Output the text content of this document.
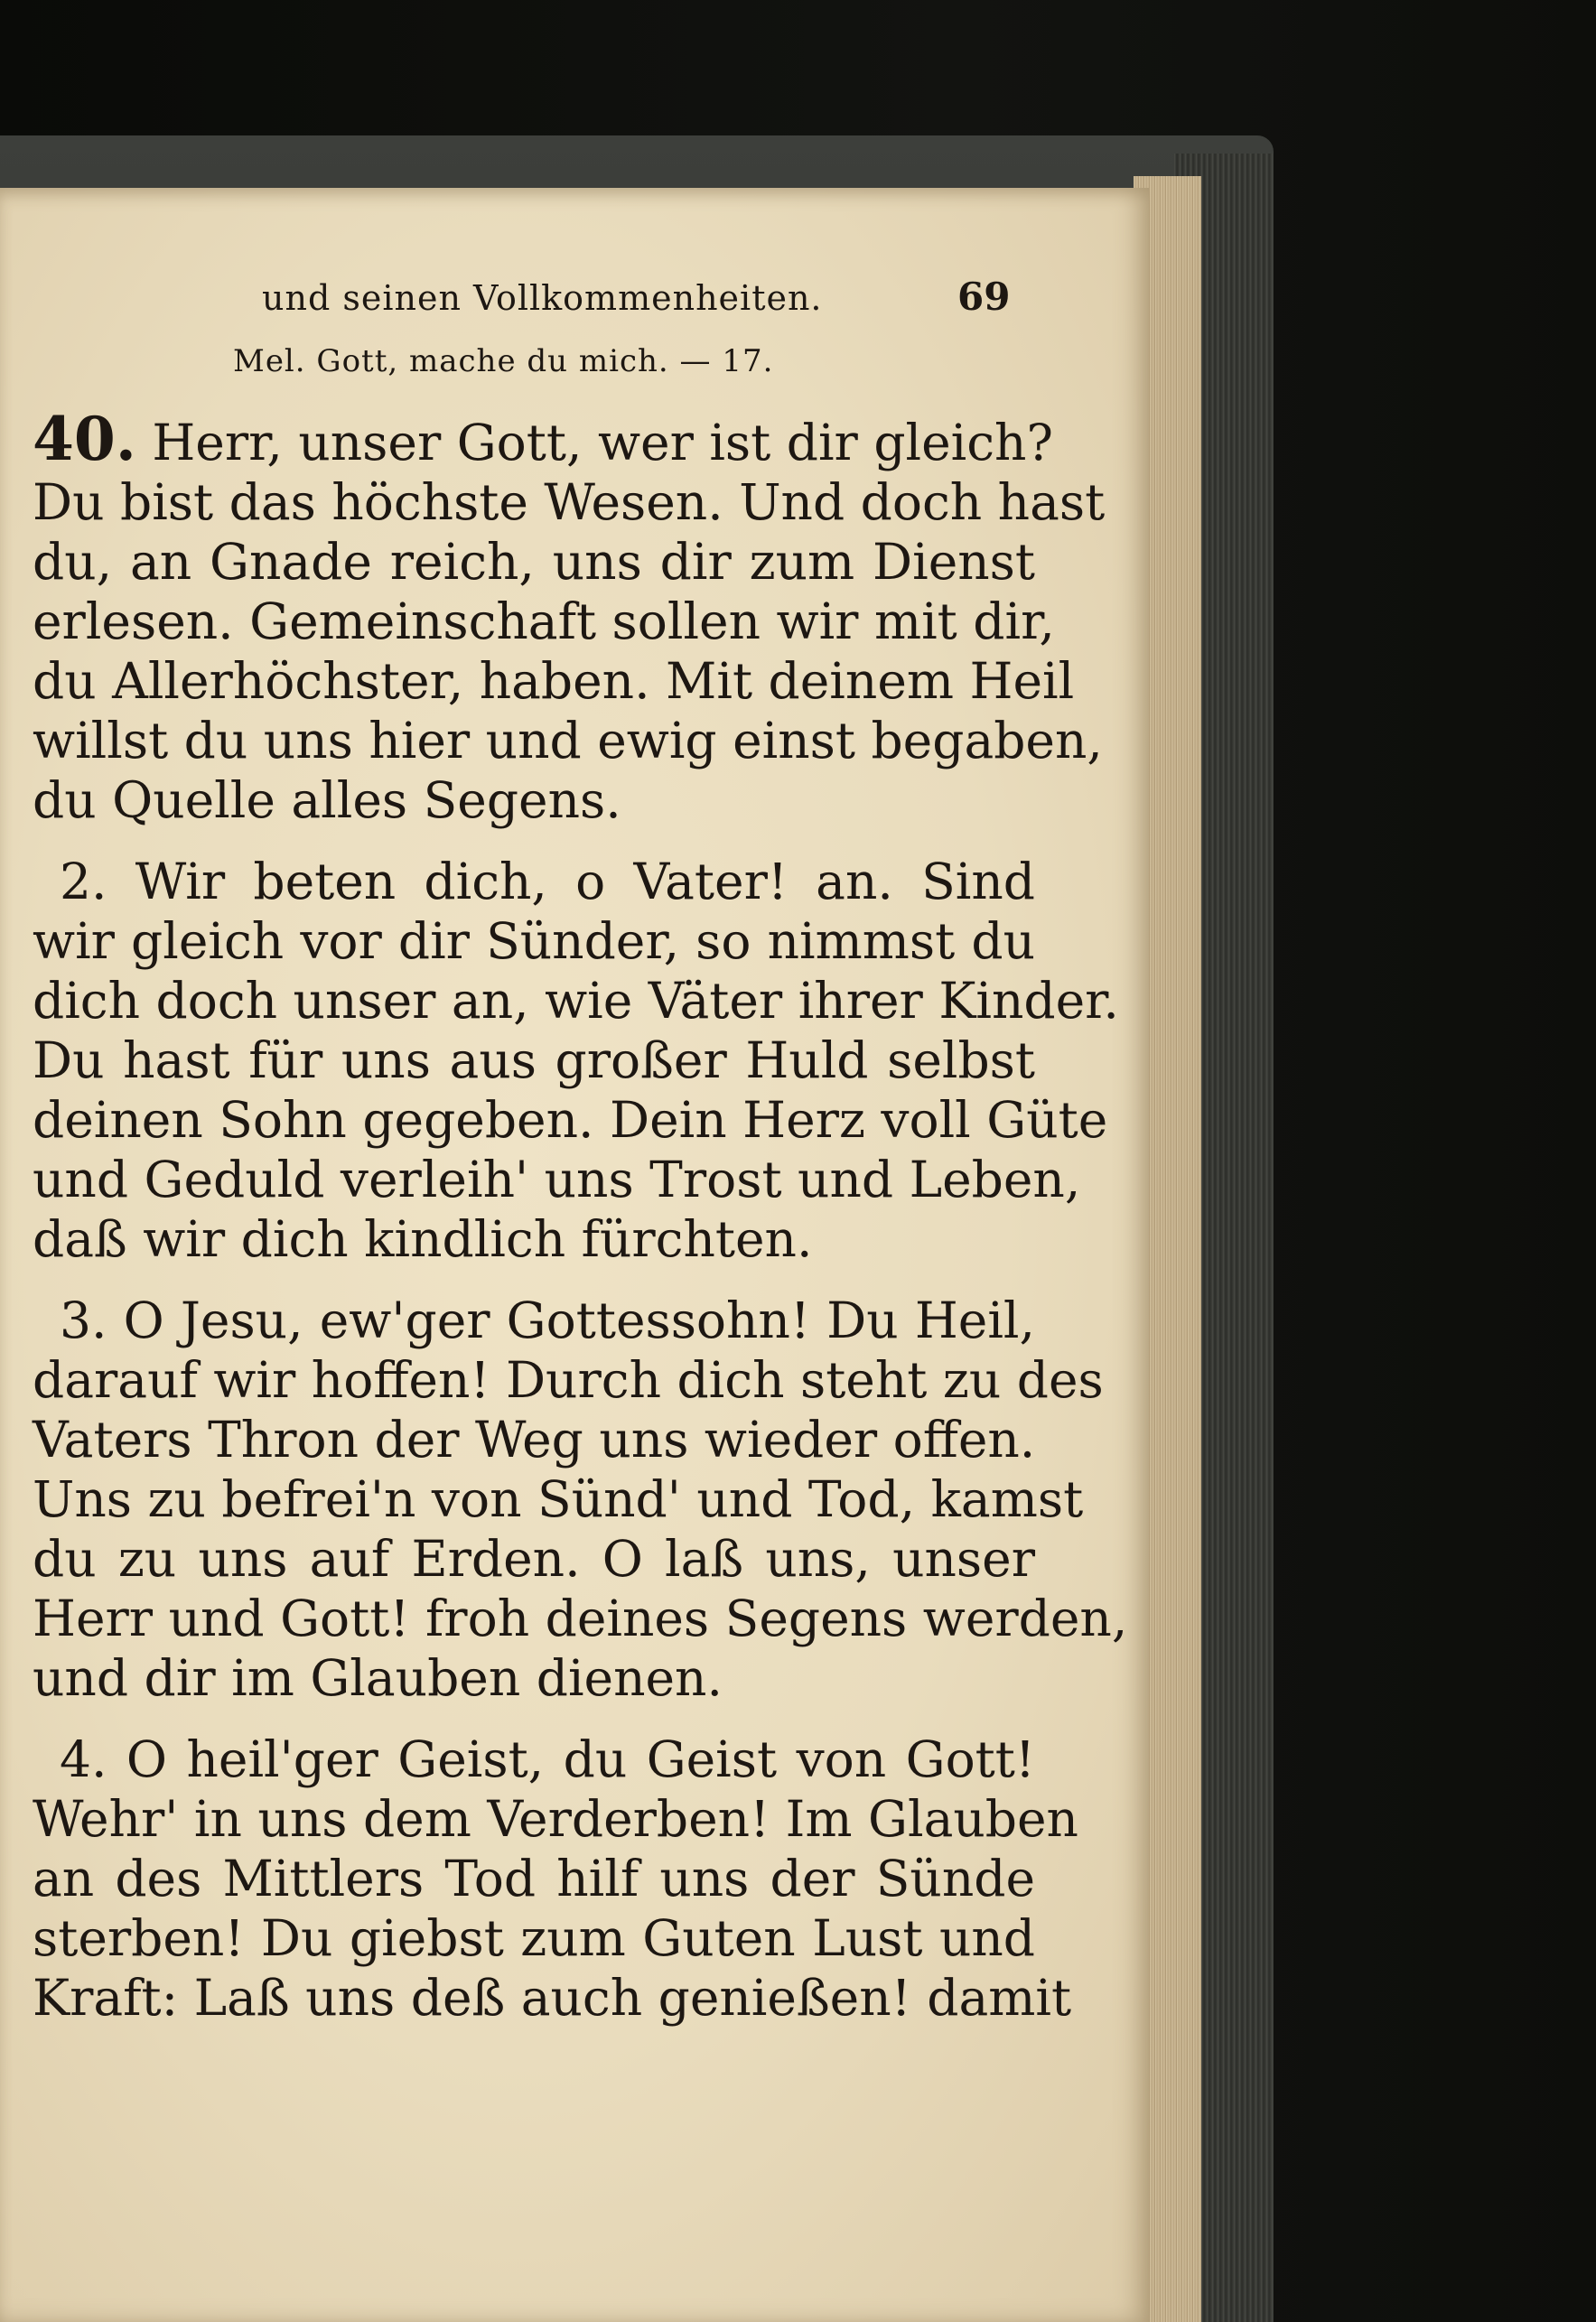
und seinen Vollkommenheiten.	69
Mel. Gott, mache du mich. — 17.
40. Herr, unser Gott, wer ist dir gleich?
Du bist das höchste Wesen. Und doch hast
du, an Gnade reich, uns dir zum Dienst
erlesen. Gemeinschaft sollen wir mit dir,
du Allerhöchster, haben. Mit deinem Heil
willst du uns hier und ewig einst begaben,
du Quelle alles Segens.
2. Wir beten dich, o Vater! an. Sind
wir gleich vor dir Sünder, so nimmst du
dich doch unser an, wie Väter ihrer Kinder.
Du hast für uns aus großer Huld selbst
deinen Sohn gegeben. Dein Herz voll Güte
und Geduld verleih' uns Trost und Leben,
daß wir dich kindlich fürchten.
3. O Jesu, ew'ger Gottessohn! Du Heil,
darauf wir hoffen! Durch dich steht zu des
Vaters Thron der Weg uns wieder offen.
Uns zu befrei'n von Sünd' und Tod, kamst
du zu uns auf Erden. O laß uns, unser
Herr und Gott! froh deines Segens werden,
und dir im Glauben dienen.
4. O heil'ger Geist, du Geist von Gott!
Wehr' in uns dem Verderben! Im Glauben
an des Mittlers Tod hilf uns der Sünde
sterben! Du giebst zum Guten Lust und
Kraft: Laß uns deß auch genießen! damit
